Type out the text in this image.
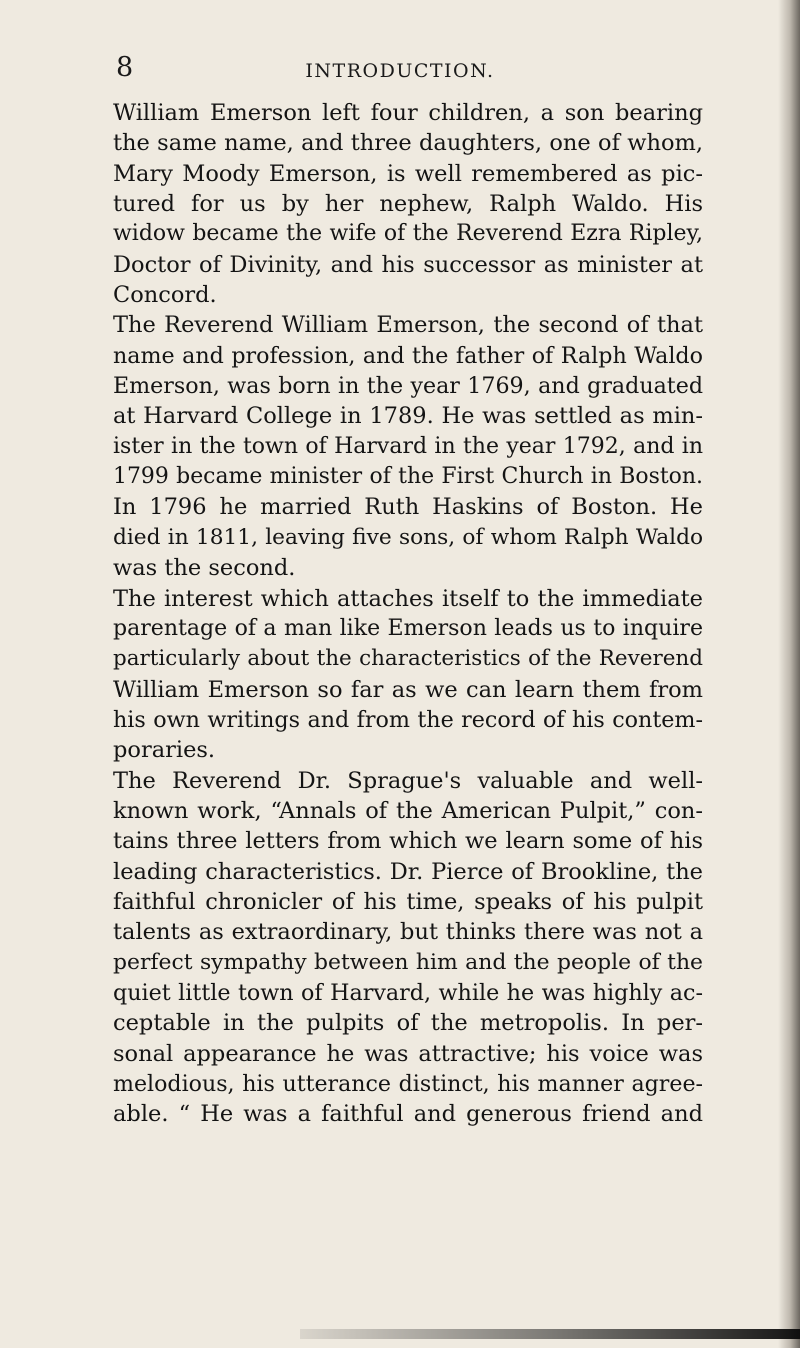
8	INTRODUCTION.
William Emerson left four children, a son bearing
the same name, and three daughters, one of whom,
Mary Moody Emerson, is well remembered as pic-
tured for us by her nephew, Ralph Waldo. His
widow became the wife of the Reverend Ezra Ripley,
Doctor of Divinity, and his successor as minister at
Concord.
The Reverend William Emerson, the second of that
name and profession, and the father of Ralph Waldo
Emerson, was born in the year 1769, and graduated
at Harvard College in 1789. He was settled as min-
ister in the town of Harvard in the year 1792, and in
1799 became minister of the First Church in Boston.
In 1796 he married Ruth Haskins of Boston. He
died in 1811, leaving five sons, of whom Ralph Waldo
was the second.
The interest which attaches itself to the immediate
parentage of a man like Emerson leads us to inquire
particularly about the characteristics of the Reverend
William Emerson so far as we can learn them from
his own writings and from the record of his contem-
poraries.
The Reverend Dr. Sprague's valuable and well-
known work, “Annals of the American Pulpit,” con-
tains three letters from which we learn some of his
leading characteristics. Dr. Pierce of Brookline, the
faithful chronicler of his time, speaks of his pulpit
talents as extraordinary, but thinks there was not a
perfect sympathy between him and the people of the
quiet little town of Harvard, while he was highly ac-
ceptable in the pulpits of the metropolis. In per-
sonal appearance he was attractive; his voice was
melodious, his utterance distinct, his manner agree-
able. “ He was a faithful and generous friend and
